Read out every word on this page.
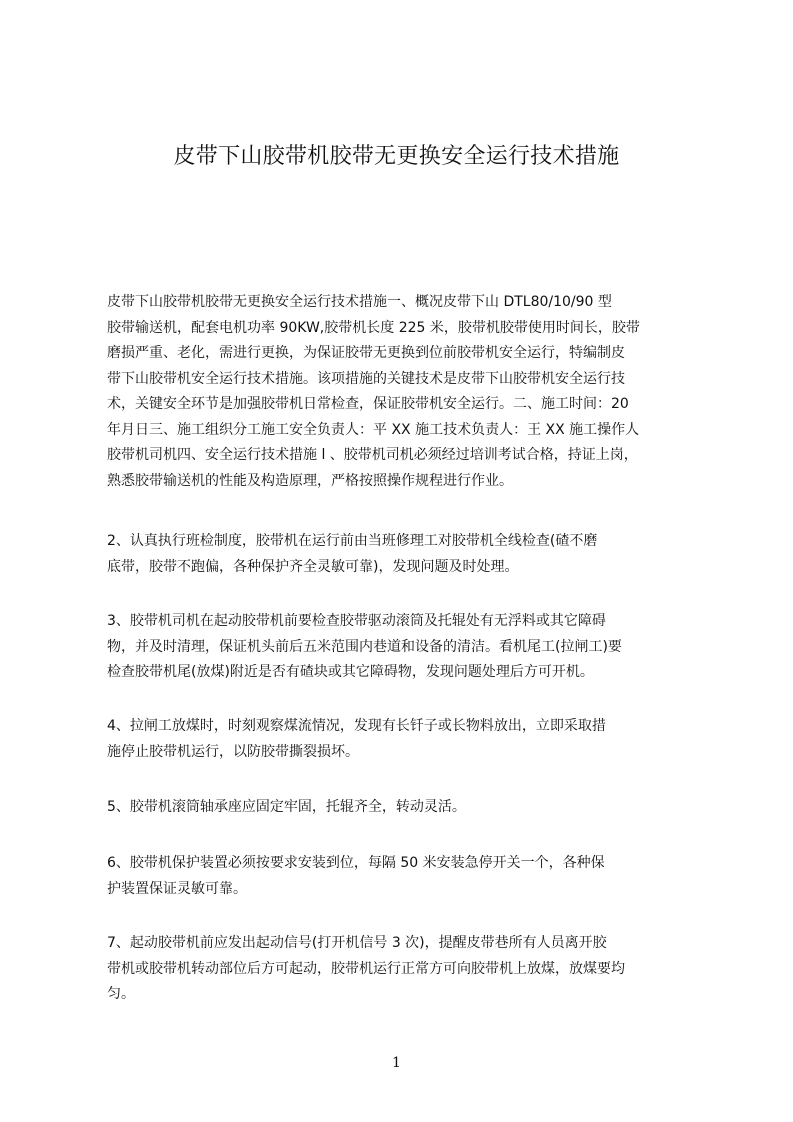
皮带下山胶带机胶带无更换安全运行技术措施
皮带下山胶带机胶带无更换安全运行技术措施一、概况皮带下山 DTL80/10/90 型
胶带输送机，配套电机功率 90KW,胶带机长度 225 米，胶带机胶带使用时间长，胶带
磨损严重、老化，需进行更换，为保证胶带无更换到位前胶带机安全运行，特编制皮
带下山胶带机安全运行技术措施。该项措施的关键技术是皮带下山胶带机安全运行技
术，关键安全环节是加强胶带机日常检查，保证胶带机安全运行。二、施工时间：20
年月日三、施工组织分工施工安全负责人：平 XX 施工技术负责人：王 XX 施工操作人
胶带机司机四、安全运行技术措施 l 、胶带机司机必须经过培训考试合格，持证上岗，
熟悉胶带输送机的性能及构造原理，严格按照操作规程进行作业。
2、认真执行班检制度，胶带机在运行前由当班修理工对胶带机全线检查(碴不磨
底带，胶带不跑偏，各种保护齐全灵敏可靠)，发现问题及时处理。
3、胶带机司机在起动胶带机前要检查胶带驱动滚筒及托辊处有无浮料或其它障碍
物，并及时清理，保证机头前后五米范围内巷道和设备的清洁。看机尾工(拉闸工)要
检查胶带机尾(放煤)附近是否有碴块或其它障碍物，发现问题处理后方可开机。
4、拉闸工放煤时，时刻观察煤流情况，发现有长钎子或长物料放出，立即采取措
施停止胶带机运行，以防胶带撕裂损坏。
5、胶带机滚筒轴承座应固定牢固，托辊齐全，转动灵活。
6、胶带机保护装置必须按要求安装到位，每隔 50 米安装急停开关一个，各种保
护装置保证灵敏可靠。
7、起动胶带机前应发出起动信号(打开机信号 3 次)，提醒皮带巷所有人员离开胶
带机或胶带机转动部位后方可起动，胶带机运行正常方可向胶带机上放煤，放煤要均
匀。
1
